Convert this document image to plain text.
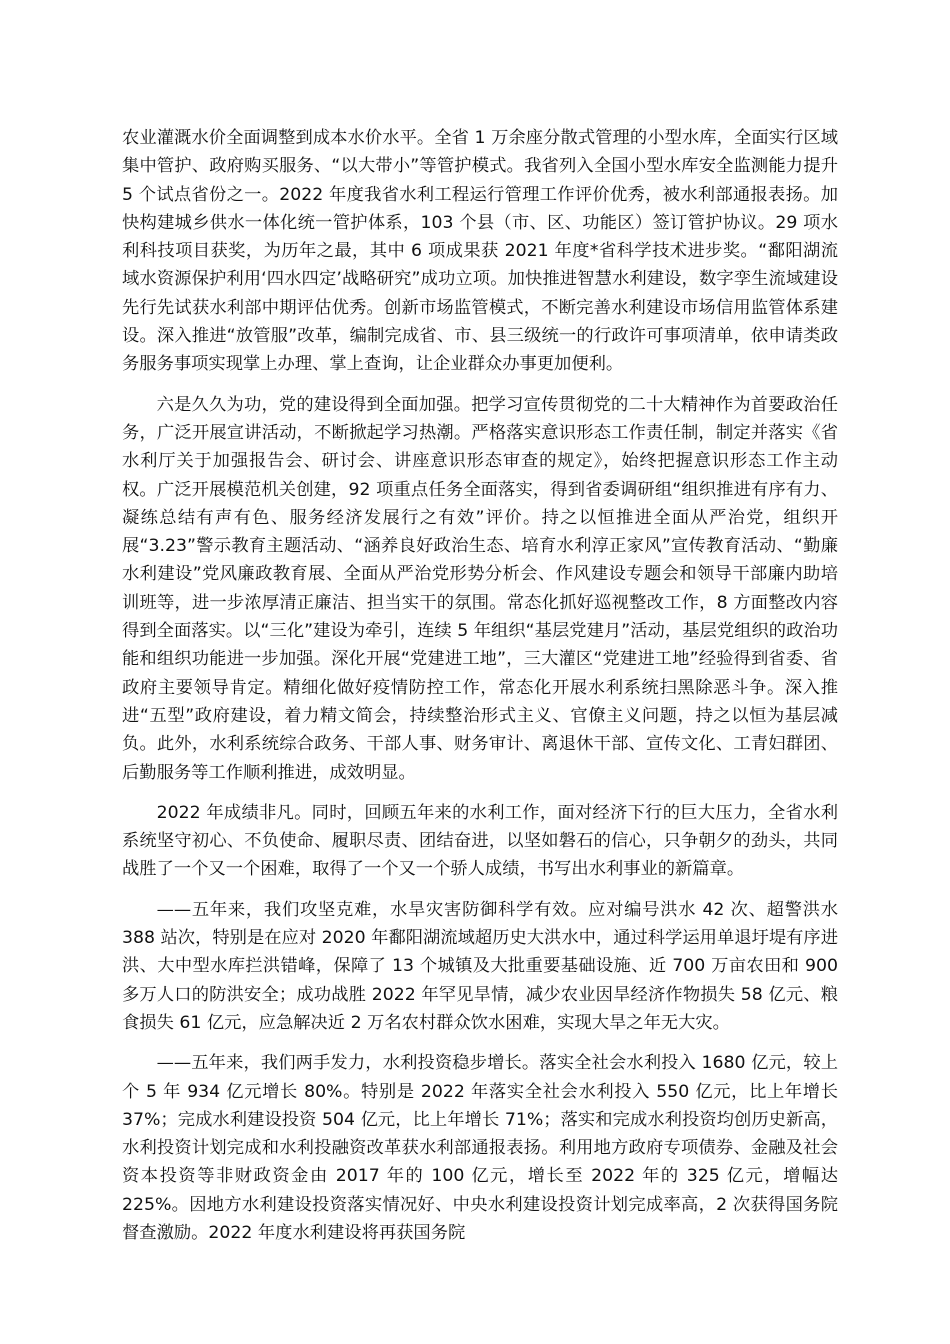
农业灌溉水价全面调整到成本水价水平。全省 1 万余座分散式管理的小型水库，全面实行区域集中管护、政府购买服务、“以大带小”等管护模式。我省列入全国小型水库安全监测能力提升 5 个试点省份之一。2022 年度我省水利工程运行管理工作评价优秀，被水利部通报表扬。加快构建城乡供水一体化统一管护体系，103 个县（市、区、功能区）签订管护协议。29 项水利科技项目获奖，为历年之最，其中 6 项成果获 2021 年度*省科学技术进步奖。“鄱阳湖流域水资源保护利用‘四水四定’战略研究”成功立项。加快推进智慧水利建设，数字孪生流域建设先行先试获水利部中期评估优秀。创新市场监管模式，不断完善水利建设市场信用监管体系建设。深入推进“放管服”改革，编制完成省、市、县三级统一的行政许可事项清单，依申请类政务服务事项实现掌上办理、掌上查询，让企业群众办事更加便利。

六是久久为功，党的建设得到全面加强。把学习宣传贯彻党的二十大精神作为首要政治任务，广泛开展宣讲活动，不断掀起学习热潮。严格落实意识形态工作责任制，制定并落实《省水利厅关于加强报告会、研讨会、讲座意识形态审查的规定》，始终把握意识形态工作主动权。广泛开展模范机关创建，92 项重点任务全面落实，得到省委调研组“组织推进有序有力、凝练总结有声有色、服务经济发展行之有效”评价。持之以恒推进全面从严治党，组织开展“3.23”警示教育主题活动、“涵养良好政治生态、培育水利淳正家风”宣传教育活动、“勤廉水利建设”党风廉政教育展、全面从严治党形势分析会、作风建设专题会和领导干部廉内助培训班等，进一步浓厚清正廉洁、担当实干的氛围。常态化抓好巡视整改工作，8 方面整改内容得到全面落实。以“三化”建设为牵引，连续 5 年组织“基层党建月”活动，基层党组织的政治功能和组织功能进一步加强。深化开展“党建进工地”，三大灌区“党建进工地”经验得到省委、省政府主要领导肯定。精细化做好疫情防控工作，常态化开展水利系统扫黑除恶斗争。深入推进“五型”政府建设，着力精文简会，持续整治形式主义、官僚主义问题，持之以恒为基层减负。此外，水利系统综合政务、干部人事、财务审计、离退休干部、宣传文化、工青妇群团、后勤服务等工作顺利推进，成效明显。

2022 年成绩非凡。同时，回顾五年来的水利工作，面对经济下行的巨大压力，全省水利系统坚守初心、不负使命、履职尽责、团结奋进，以坚如磐石的信心，只争朝夕的劲头，共同战胜了一个又一个困难，取得了一个又一个骄人成绩，书写出水利事业的新篇章。

——五年来，我们攻坚克难，水旱灾害防御科学有效。应对编号洪水 42 次、超警洪水 388 站次，特别是在应对 2020 年鄱阳湖流域超历史大洪水中，通过科学运用单退圩堤有序进洪、大中型水库拦洪错峰，保障了 13 个城镇及大批重要基础设施、近 700 万亩农田和 900 多万人口的防洪安全；成功战胜 2022 年罕见旱情，减少农业因旱经济作物损失 58 亿元、粮食损失 61 亿元，应急解决近 2 万名农村群众饮水困难，实现大旱之年无大灾。

——五年来，我们两手发力，水利投资稳步增长。落实全社会水利投入 1680 亿元，较上个 5 年 934 亿元增长 80%。特别是 2022 年落实全社会水利投入 550 亿元，比上年增长 37%；完成水利建设投资 504 亿元，比上年增长 71%；落实和完成水利投资均创历史新高，水利投资计划完成和水利投融资改革获水利部通报表扬。利用地方政府专项债券、金融及社会资本投资等非财政资金由 2017 年的 100 亿元，增长至 2022 年的 325 亿元，增幅达 225%。因地方水利建设投资落实情况好、中央水利建设投资计划完成率高，2 次获得国务院督查激励。2022 年度水利建设将再获国务院
